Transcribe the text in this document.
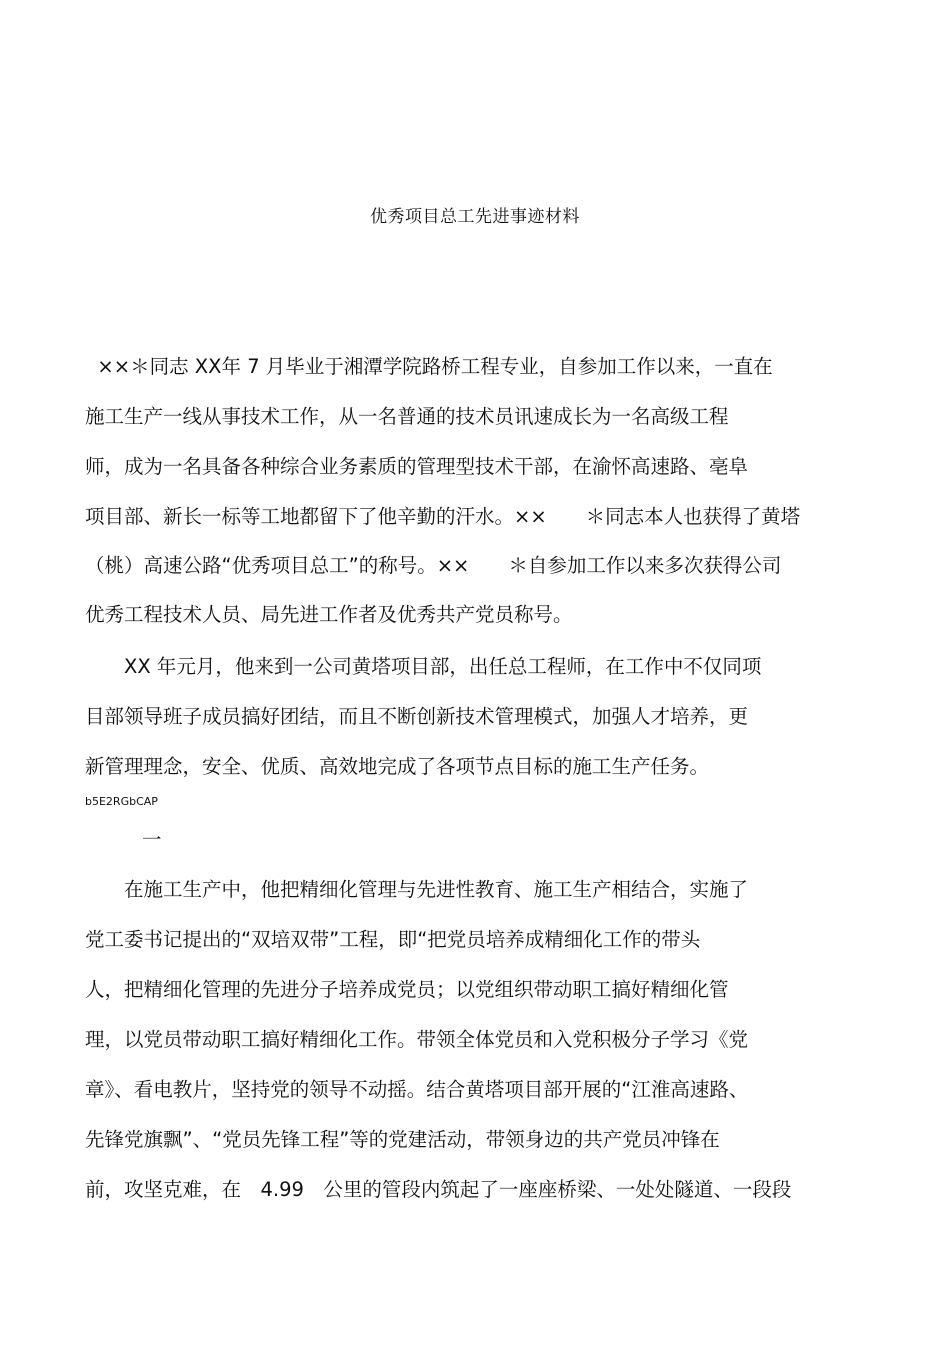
优秀项目总工先进事迹材料
××＊同志 XX年 7 月毕业于湘潭学院路桥工程专业，自参加工作以来，一直在
施工生产一线从事技术工作，从一名普通的技术员讯速成长为一名高级工程
师，成为一名具备各种综合业务素质的管理型技术干部，在渝怀高速路、亳阜
项目部、新长一标等工地都留下了他辛勤的汗水。××　　＊同志本人也获得了黄塔
（桃）高速公路“优秀项目总工”的称号。××　　＊自参加工作以来多次获得公司
优秀工程技术人员、局先进工作者及优秀共产党员称号。
　　XX 年元月，他来到一公司黄塔项目部，出任总工程师，在工作中不仅同项
目部领导班子成员搞好团结，而且不断创新技术管理模式，加强人才培养，更
新管理理念，安全、优质、高效地完成了各项节点目标的施工生产任务。
b5E2RGbCAP
一
　　在施工生产中，他把精细化管理与先进性教育、施工生产相结合，实施了
党工委书记提出的“双培双带”工程，即“把党员培养成精细化工作的带头
人，把精细化管理的先进分子培养成党员；以党组织带动职工搞好精细化管
理，以党员带动职工搞好精细化工作。带领全体党员和入党积极分子学习《党
章》、看电教片，坚持党的领导不动摇。结合黄塔项目部开展的“江淮高速路、
先锋党旗飘”、“党员先锋工程”等的党建活动，带领身边的共产党员冲锋在
前，攻坚克难，在　4.99　公里的管段内筑起了一座座桥梁、一处处隧道、一段段
